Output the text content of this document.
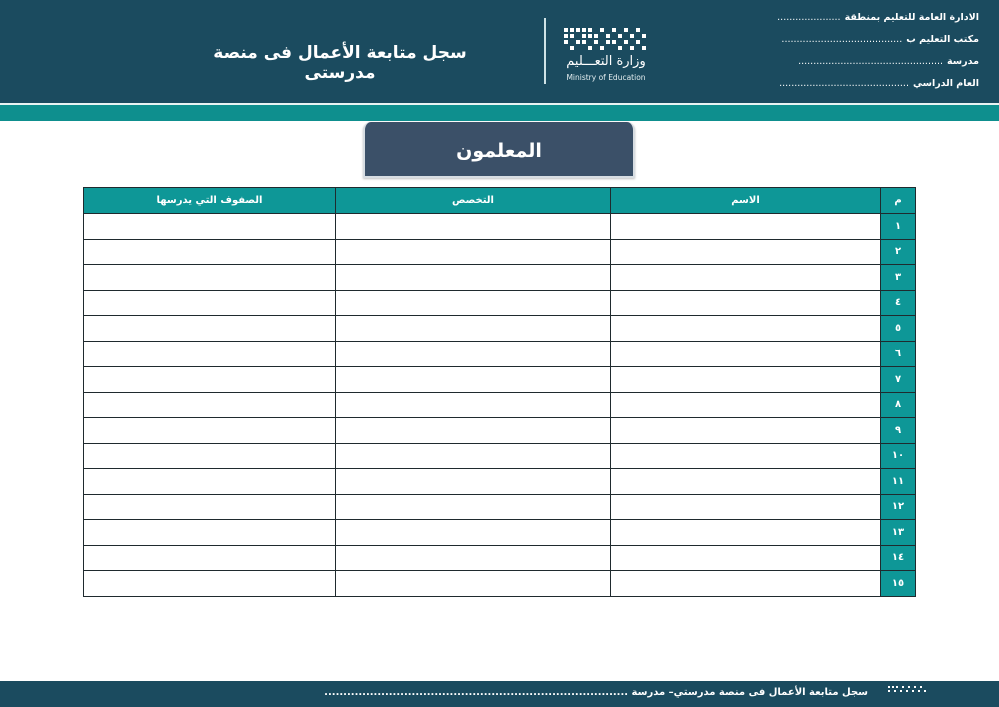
الادارة العامة للتعليم بمنطقة
.....................
مكتب التعليم ب
........................................
مدرسة
................................................
العام الدراسي
...........................................
وزارة التعـــليم
Ministry of Education
سجل متابعة الأعمال فى منصة مدرستى
المعلمون
م	الاسم	التخصص	الصفوف التي يدرسها
١			
٢			
٣			
٤			
٥			
٦			
٧			
٨			
٩			
١٠			
١١			
١٢			
١٣			
١٤			
١٥			
سجل متابعة الأعمال فى منصة مدرستي– مدرسة ................................................................................
